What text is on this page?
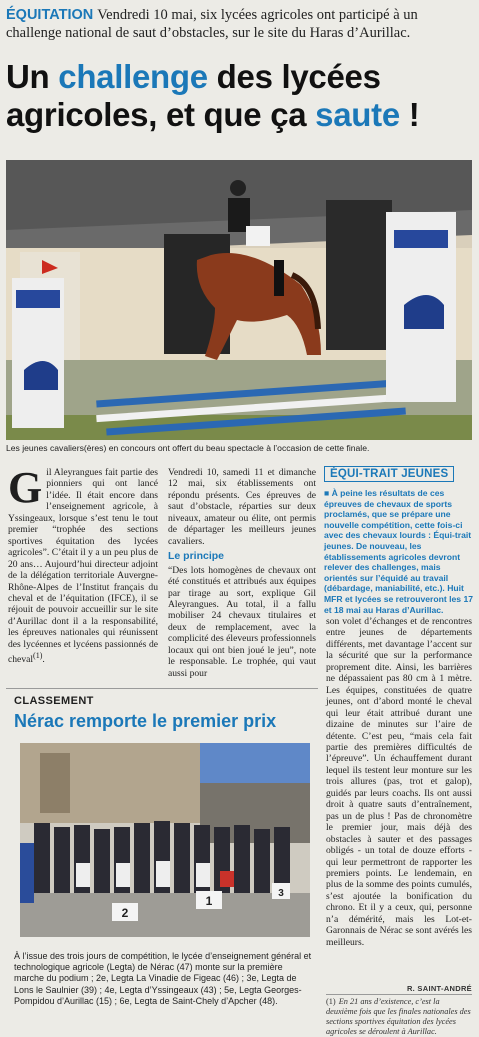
ÉQUITATION Vendredi 10 mai, six lycées agricoles ont participé à un challenge national de saut d’obstacles, sur le site du Haras d’Aurillac.
Un challenge des lycées agricoles, et que ça saute !
Les jeunes cavaliers(ères) en concours ont offert du beau spectacle à l’occasion de cette finale.
Gil Aleyrangues fait partie des pionniers qui ont lancé l’idée. Il était encore dans l’enseignement agricole, à Yssingeaux, lorsque s’est tenu le tout premier “trophée des sections sportives équitation des lycées agricoles”. C’était il y a un peu plus de 20 ans… Aujourd’hui directeur adjoint de la délégation territoriale Auvergne-Rhône-Alpes de l’Institut français du cheval et de l’équitation (IFCE), il se réjouit de pouvoir accueillir sur le site d’Aurillac dont il a la responsabilité, les épreuves nationales qui réunissent des lycéennes et lycéens passionnés de cheval$^{(1)}$.
Vendredi 10, samedi 11 et dimanche 12 mai, six établissements ont répondu présents. Ces épreuves de saut d’obstacle, réparties sur deux niveaux, amateur ou élite, ont permis de départager les meilleurs jeunes cavaliers.
Le principe
“Des lots homogènes de chevaux ont été constitués et attribués aux équipes par tirage au sort, explique Gil Aleyrangues. Au total, il a fallu mobiliser 24 chevaux titulaires et deux de remplacement, avec la complicité des éleveurs professionnels locaux qui ont bien joué le jeu”, note le responsable. Le trophée, qui vaut aussi pour
ÉQUI-TRAIT JEUNES
■ À peine les résultats de ces épreuves de chevaux de sports proclamés, que se prépare une nouvelle compétition, cette fois-ci avec des chevaux lourds : Équi-trait jeunes. De nouveau, les établissements agricoles devront relever des challenges, mais orientés sur l’équidé au travail (débardage, maniabilité, etc.). Huit MFR et lycées se retrouveront les 17 et 18 mai au Haras d’Aurillac.
son volet d’échanges et de rencontres entre jeunes de départements différents, met davantage l’accent sur la sécurité que sur la performance proprement dite. Ainsi, les barrières ne dépassaient pas 80 cm à 1 mètre. Les équipes, constituées de quatre jeunes, ont d’abord monté le cheval qui leur était attribué durant une dizaine de minutes sur l’aire de détente. C’est peu, “mais cela fait partie des premières difficultés de l’épreuve”. Un échauffement durant lequel ils testent leur monture sur les trois allures (pas, trot et galop), guidés par leurs coachs. Ils ont aussi droit à quatre sauts d’entraînement, pas un de plus ! Pas de chronomètre le premier jour, mais déjà des obstacles à sauter et des passages obligés - un total de douze efforts - qui leur permettront de rapporter les premiers points. Le lendemain, en plus de la somme des points cumulés, s’est ajoutée la bonification du chrono. Et il y a ceux, qui, personne n’a démérité, mais les Lot-et-Garonnais de Nérac se sont avérés les meilleurs.
CLASSEMENT
Nérac remporte le premier prix
2
1
3
À l’issue des trois jours de compétition, le lycée d’enseignement général et technologique agricole (Legta) de Nérac (47) monte sur la première marche du podium ; 2e, Legta La Vinadie de Figeac (46) ; 3e, Legta de Lons le Saulnier (39) ; 4e, Legta d’Yssingeaux (43) ; 5e, Legta Georges-Pompidou d’Aurillac (15) ; 6e, Legta de Saint-Chely d’Apcher (48).
R. SAINT-ANDRÉ
(1) En 21 ans d’existence, c’est la deuxième fois que les finales nationales des sections sportives équitation des lycées agricoles se déroulent à Aurillac.
